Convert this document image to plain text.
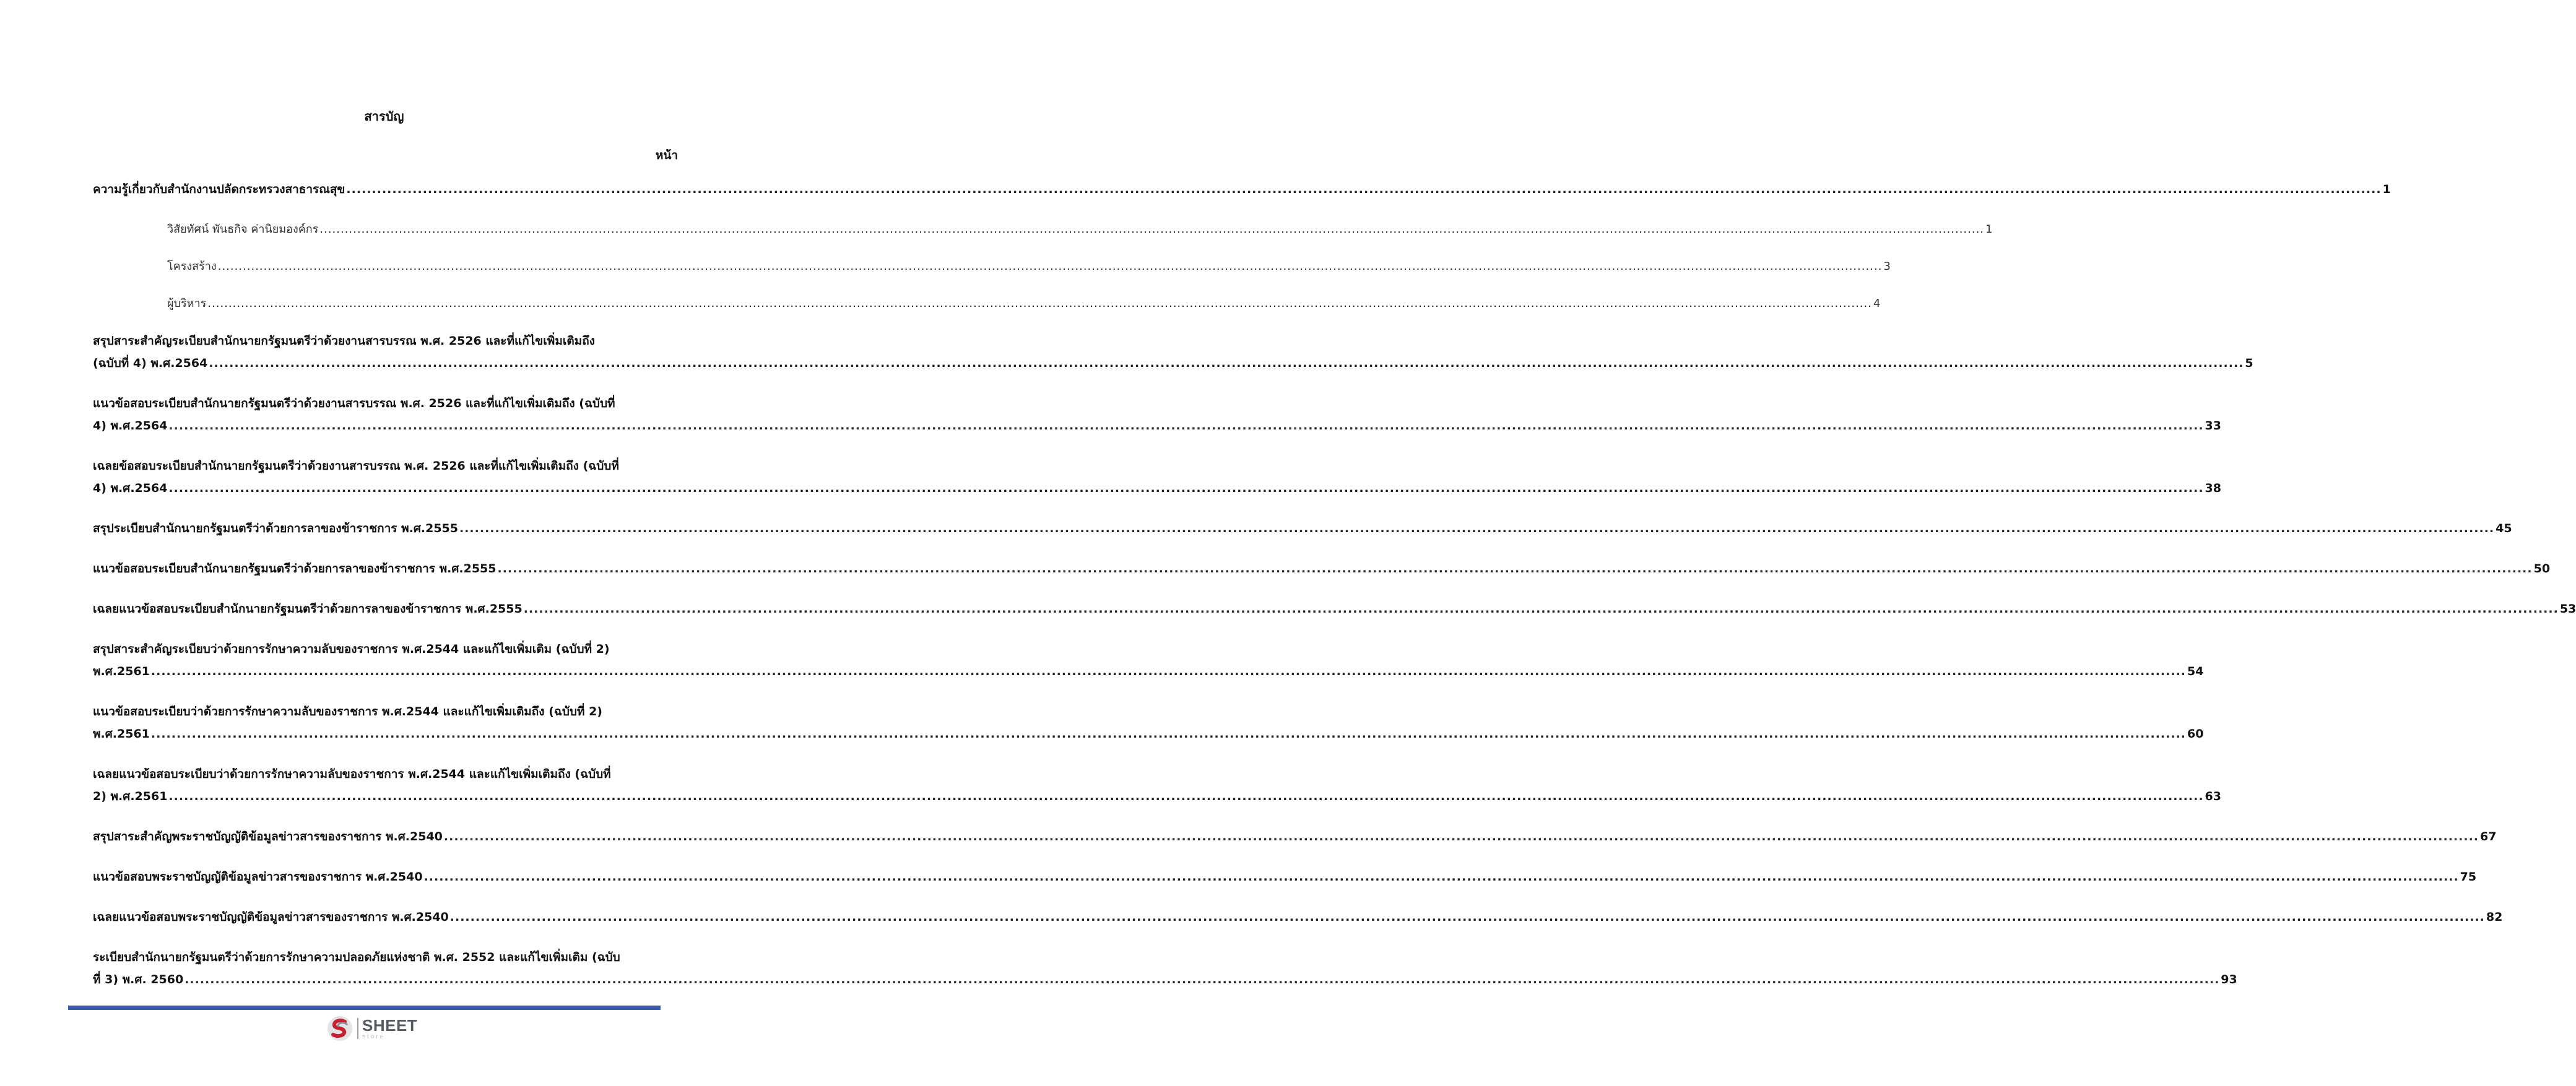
สารบัญ
หน้า
ความรู้เกี่ยวกับสำนักงานปลัดกระทรวงสาธารณสุข ................................................................................................................................................................................................................................................................................................................................................................................................................ 1
วิสัยทัศน์ พันธกิจ ค่านิยมองค์กร ................................................................................................................................................................................................................................................................................................................................................................................................................ 1
โครงสร้าง ................................................................................................................................................................................................................................................................................................................................................................................................................ 3
ผู้บริหาร ................................................................................................................................................................................................................................................................................................................................................................................................................ 4
สรุปสาระสำคัญระเบียบสำนักนายกรัฐมนตรีว่าด้วยงานสารบรรณ พ.ศ. 2526 และที่แก้ไขเพิ่มเติมถึง
(ฉบับที่ 4) พ.ศ.2564 ................................................................................................................................................................................................................................................................................................................................................................................................................ 5
แนวข้อสอบระเบียบสำนักนายกรัฐมนตรีว่าด้วยงานสารบรรณ พ.ศ. 2526 และที่แก้ไขเพิ่มเติมถึง (ฉบับที่
4) พ.ศ.2564 ................................................................................................................................................................................................................................................................................................................................................................................................................ 33
เฉลยข้อสอบระเบียบสำนักนายกรัฐมนตรีว่าด้วยงานสารบรรณ พ.ศ. 2526 และที่แก้ไขเพิ่มเติมถึง (ฉบับที่
4) พ.ศ.2564 ................................................................................................................................................................................................................................................................................................................................................................................................................ 38
สรุประเบียบสำนักนายกรัฐมนตรีว่าด้วยการลาของข้าราชการ พ.ศ.2555 ................................................................................................................................................................................................................................................................................................................................................................................................................ 45
แนวข้อสอบระเบียบสำนักนายกรัฐมนตรีว่าด้วยการลาของข้าราชการ พ.ศ.2555 ................................................................................................................................................................................................................................................................................................................................................................................................................ 50
เฉลยแนวข้อสอบระเบียบสำนักนายกรัฐมนตรีว่าด้วยการลาของข้าราชการ พ.ศ.2555 ................................................................................................................................................................................................................................................................................................................................................................................................................ 53
สรุปสาระสำคัญระเบียบว่าด้วยการรักษาความลับของราชการ พ.ศ.2544 และแก้ไขเพิ่มเติม (ฉบับที่ 2)
พ.ศ.2561 ................................................................................................................................................................................................................................................................................................................................................................................................................ 54
แนวข้อสอบระเบียบว่าด้วยการรักษาความลับของราชการ พ.ศ.2544 และแก้ไขเพิ่มเติมถึง (ฉบับที่ 2)
พ.ศ.2561 ................................................................................................................................................................................................................................................................................................................................................................................................................ 60
เฉลยแนวข้อสอบระเบียบว่าด้วยการรักษาความลับของราชการ พ.ศ.2544 และแก้ไขเพิ่มเติมถึง (ฉบับที่
2) พ.ศ.2561 ................................................................................................................................................................................................................................................................................................................................................................................................................ 63
สรุปสาระสำคัญพระราชบัญญัติข้อมูลข่าวสารของราชการ พ.ศ.2540 ................................................................................................................................................................................................................................................................................................................................................................................................................ 67
แนวข้อสอบพระราชบัญญัติข้อมูลข่าวสารของราชการ พ.ศ.2540 ................................................................................................................................................................................................................................................................................................................................................................................................................ 75
เฉลยแนวข้อสอบพระราชบัญญัติข้อมูลข่าวสารของราชการ พ.ศ.2540 ................................................................................................................................................................................................................................................................................................................................................................................................................ 82
ระเบียบสำนักนายกรัฐมนตรีว่าด้วยการรักษาความปลอดภัยแห่งชาติ พ.ศ. 2552 และแก้ไขเพิ่มเติม (ฉบับ
ที่ 3) พ.ศ. 2560 ................................................................................................................................................................................................................................................................................................................................................................................................................ 93
SHEET
store
